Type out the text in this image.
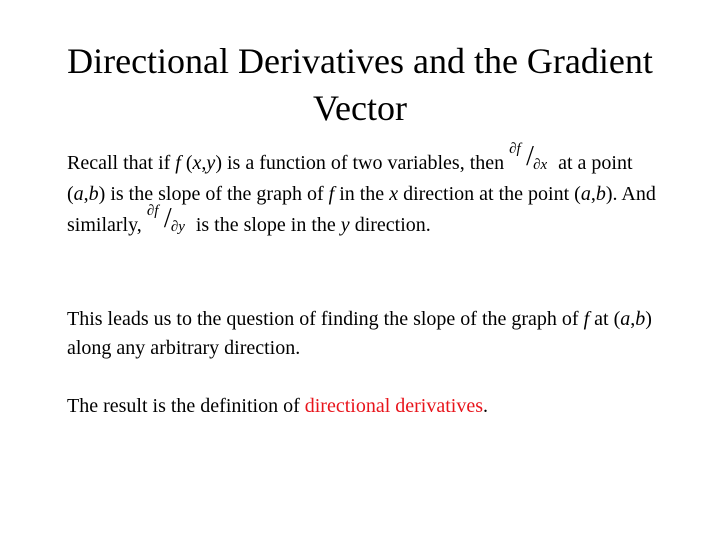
Directional Derivatives and the Gradient Vector

Recall that if f (x,y) is a function of two variables, then
∂f / ∂x at a point (a,b) is the slope of the graph of f in the x direction at the point (a,b). And similarly,
∂f / ∂y is the slope in the y direction.

This leads us to the question of finding the slope of the graph of f at (a,b) along any arbitrary direction.

The result is the definition of directional derivatives.
